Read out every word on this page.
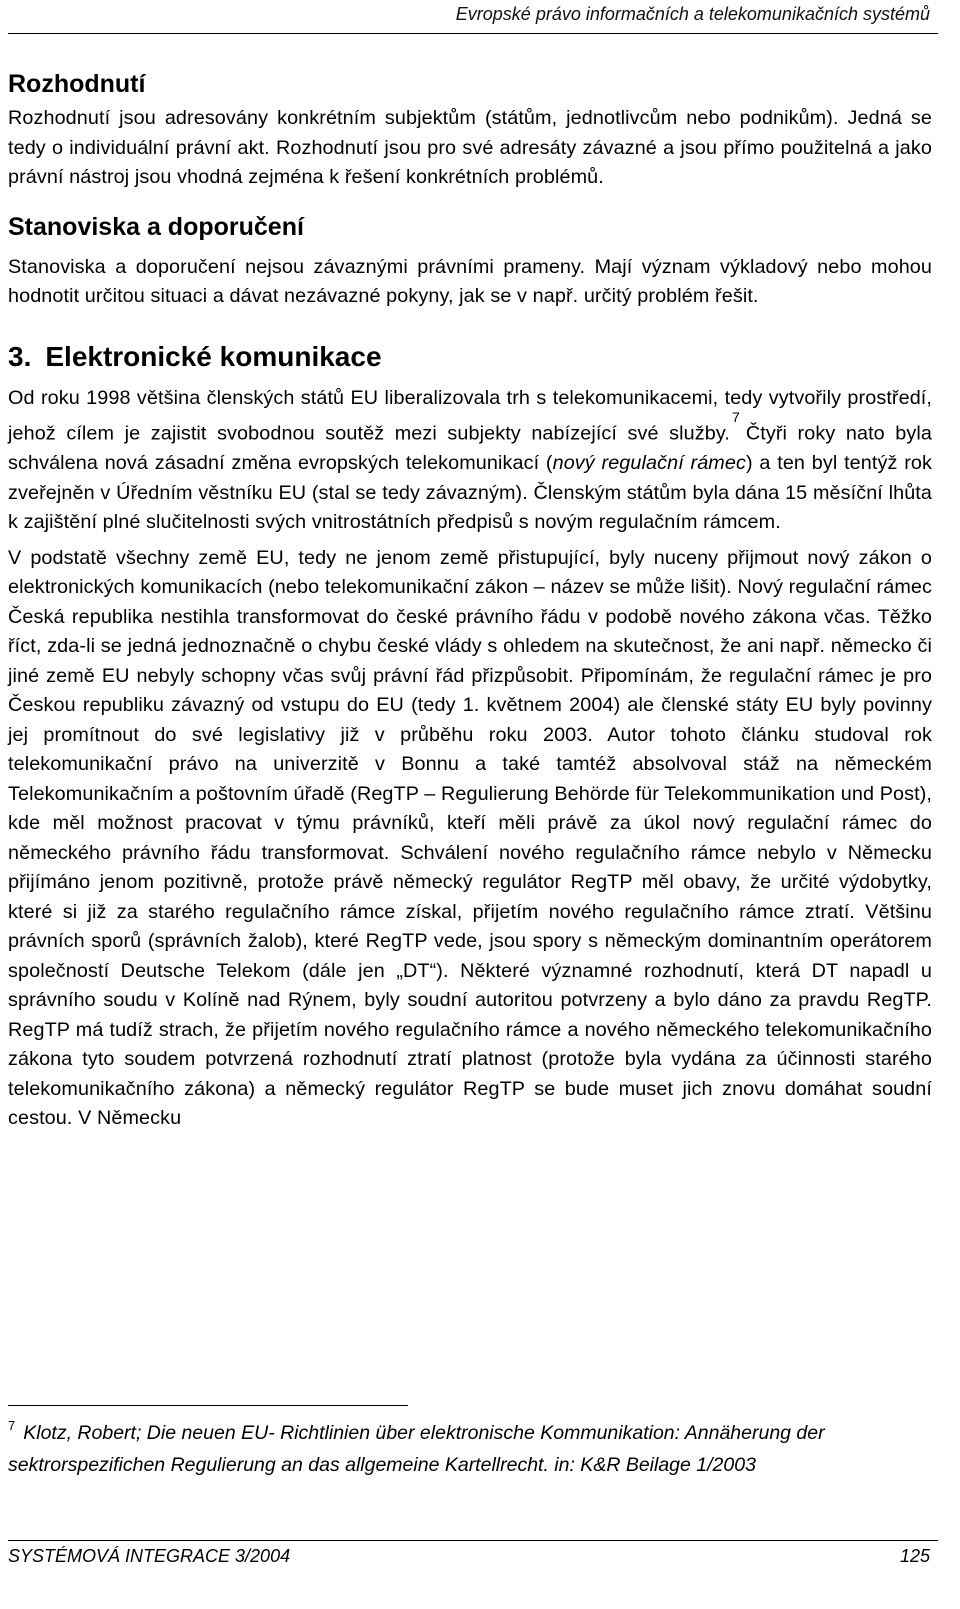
Evropské právo informačních a telekomunikačních systémů
Rozhodnutí

Rozhodnutí jsou adresovány konkrétním subjektům (státům, jednotlivcům nebo podnikům). Jedná se tedy o individuální právní akt. Rozhodnutí jsou pro své adresáty závazné a jsou přímo použitelná a jako právní nástroj jsou vhodná zejména k řešení konkrétních problémů.

Stanoviska a doporučení

Stanoviska a doporučení nejsou závaznými právními prameny. Mají význam výkladový nebo mohou hodnotit určitou situaci a dávat nezávazné pokyny, jak se v např. určitý problém řešit.

3. Elektronické komunikace

Od roku 1998 většina členských států EU liberalizovala trh s telekomunikacemi, tedy vytvořily prostředí, jehož cílem je zajistit svobodnou soutěž mezi subjekty nabízející své služby.$^7$Čtyři roky nato byla schválena nová zásadní změna evropských telekomunikací (nový regulační rámec) a ten byl tentýž rok zveřejněn v Úředním věstníku EU (stal se tedy závazným). Členským státům byla dána 15 měsíční lhůta k zajištění plné slučitelnosti svých vnitrostátních předpisů s novým regulačním rámcem.

V podstatě všechny země EU, tedy ne jenom země přistupující, byly nuceny přijmout nový zákon o elektronických komunikacích (nebo telekomunikační zákon – název se může lišit). Nový regulační rámec Česká republika nestihla transformovat do české právního řádu v podobě nového zákona včas. Těžko říct, zda-li se jedná jednoznačně o chybu české vlády s ohledem na skutečnost, že ani např. německo či jiné země EU nebyly schopny včas svůj právní řád přizpůsobit. Připomínám, že regulační rámec je pro Českou republiku závazný od vstupu do EU (tedy 1. květnem 2004) ale členské státy EU byly povinny jej promítnout do své legislativy již v průběhu roku 2003. Autor tohoto článku studoval rok telekomunikační právo na univerzitě v Bonnu a také tamtéž absolvoval stáž na německém Telekomunikačním a poštovním úřadě (RegTP – Regulierung Behörde für Telekommunikation und Post), kde měl možnost pracovat v týmu právníků, kteří měli právě za úkol nový regulační rámec do německého právního řádu transformovat. Schválení nového regulačního rámce nebylo v Německu přijímáno jenom pozitivně, protože právě německý regulátor RegTP měl obavy, že určité výdobytky, které si již za starého regulačního rámce získal, přijetím nového regulačního rámce ztratí. Většinu právních sporů (správních žalob), které RegTP vede, jsou spory s německým dominantním operátorem společností Deutsche Telekom (dále jen „DT“). Některé významné rozhodnutí, která DT napadl u správního soudu v Kolíně nad Rýnem, byly soudní autoritou potvrzeny a bylo dáno za pravdu RegTP. RegTP má tudíž strach, že přijetím nového regulačního rámce a nového německého telekomunikačního zákona tyto soudem potvrzená rozhodnutí ztratí platnost (protože byla vydána za účinnosti starého telekomunikačního zákona) a německý regulátor RegTP se bude muset jich znovu domáhat soudní cestou. V Německu

$^7$ Klotz, Robert; Die neuen EU- Richtlinien über elektronische Kommunikation: Annäherung der sektrorspezifichen Regulierung an das allgemeine Kartellrecht. in: K&R Beilage 1/2003
SYSTÉMOVÁ INTEGRACE 3/2004	125
